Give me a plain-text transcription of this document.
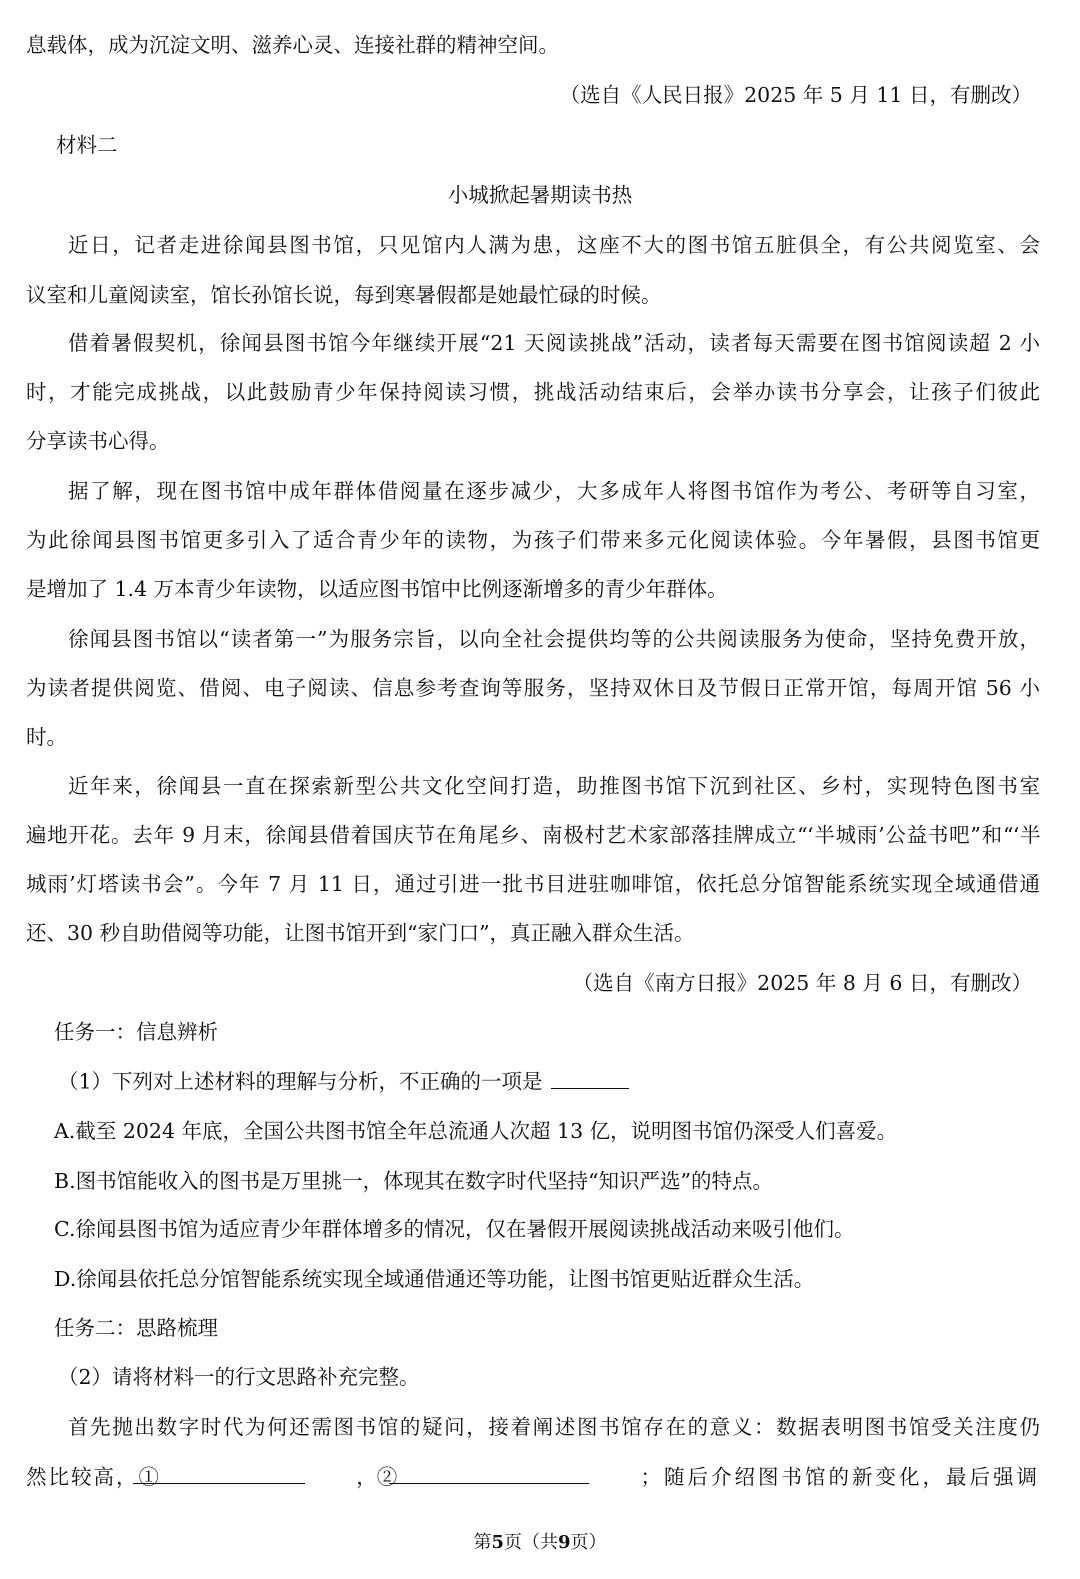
息载体，成为沉淀文明、滋养心灵、连接社群的精神空间。
（选自《人民日报》2025 年 5 月 11 日，有删改）
材料二
小城掀起暑期读书热
近日，记者走进徐闻县图书馆，只见馆内人满为患，这座不大的图书馆五脏俱全，有公共阅览室、会
议室和儿童阅读室，馆长孙馆长说，每到寒暑假都是她最忙碌的时候。
借着暑假契机，徐闻县图书馆今年继续开展“21 天阅读挑战”活动，读者每天需要在图书馆阅读超 2 小
时，才能完成挑战，以此鼓励青少年保持阅读习惯，挑战活动结束后，会举办读书分享会，让孩子们彼此
分享读书心得。
据了解，现在图书馆中成年群体借阅量在逐步减少，大多成年人将图书馆作为考公、考研等自习室，
为此徐闻县图书馆更多引入了适合青少年的读物，为孩子们带来多元化阅读体验。今年暑假，县图书馆更
是增加了 1.4 万本青少年读物，以适应图书馆中比例逐渐增多的青少年群体。
徐闻县图书馆以“读者第一”为服务宗旨，以向全社会提供均等的公共阅读服务为使命，坚持免费开放，
为读者提供阅览、借阅、电子阅读、信息参考查询等服务，坚持双休日及节假日正常开馆，每周开馆 56 小
时。
近年来，徐闻县一直在探索新型公共文化空间打造，助推图书馆下沉到社区、乡村，实现特色图书室
遍地开花。去年 9 月末，徐闻县借着国庆节在角尾乡、南极村艺术家部落挂牌成立“‘半城雨’公益书吧”和“‘半
城雨’灯塔读书会”。今年 7 月 11 日，通过引进一批书目进驻咖啡馆，依托总分馆智能系统实现全域通借通
还、30 秒自助借阅等功能，让图书馆开到“家门口”，真正融入群众生活。
（选自《南方日报》2025 年 8 月 6 日，有删改）
任务一：信息辨析
（1）下列对上述材料的理解与分析，不正确的一项是
A.截至 2024 年底，全国公共图书馆全年总流通人次超 13 亿，说明图书馆仍深受人们喜爱。
B.图书馆能收入的图书是万里挑一，体现其在数字时代坚持“知识严选”的特点。
C.徐闻县图书馆为适应青少年群体增多的情况，仅在暑假开展阅读挑战活动来吸引他们。
D.徐闻县依托总分馆智能系统实现全域通借通还等功能，让图书馆更贴近群众生活。
任务二：思路梳理
（2）请将材料一的行文思路补充完整。
首先抛出数字时代为何还需图书馆的疑问，接着阐述图书馆存在的意义：数据表明图书馆受关注度仍
然比较高，①	，②	；随后介绍图书馆的新变化，最后强调
第5页（共9页）
